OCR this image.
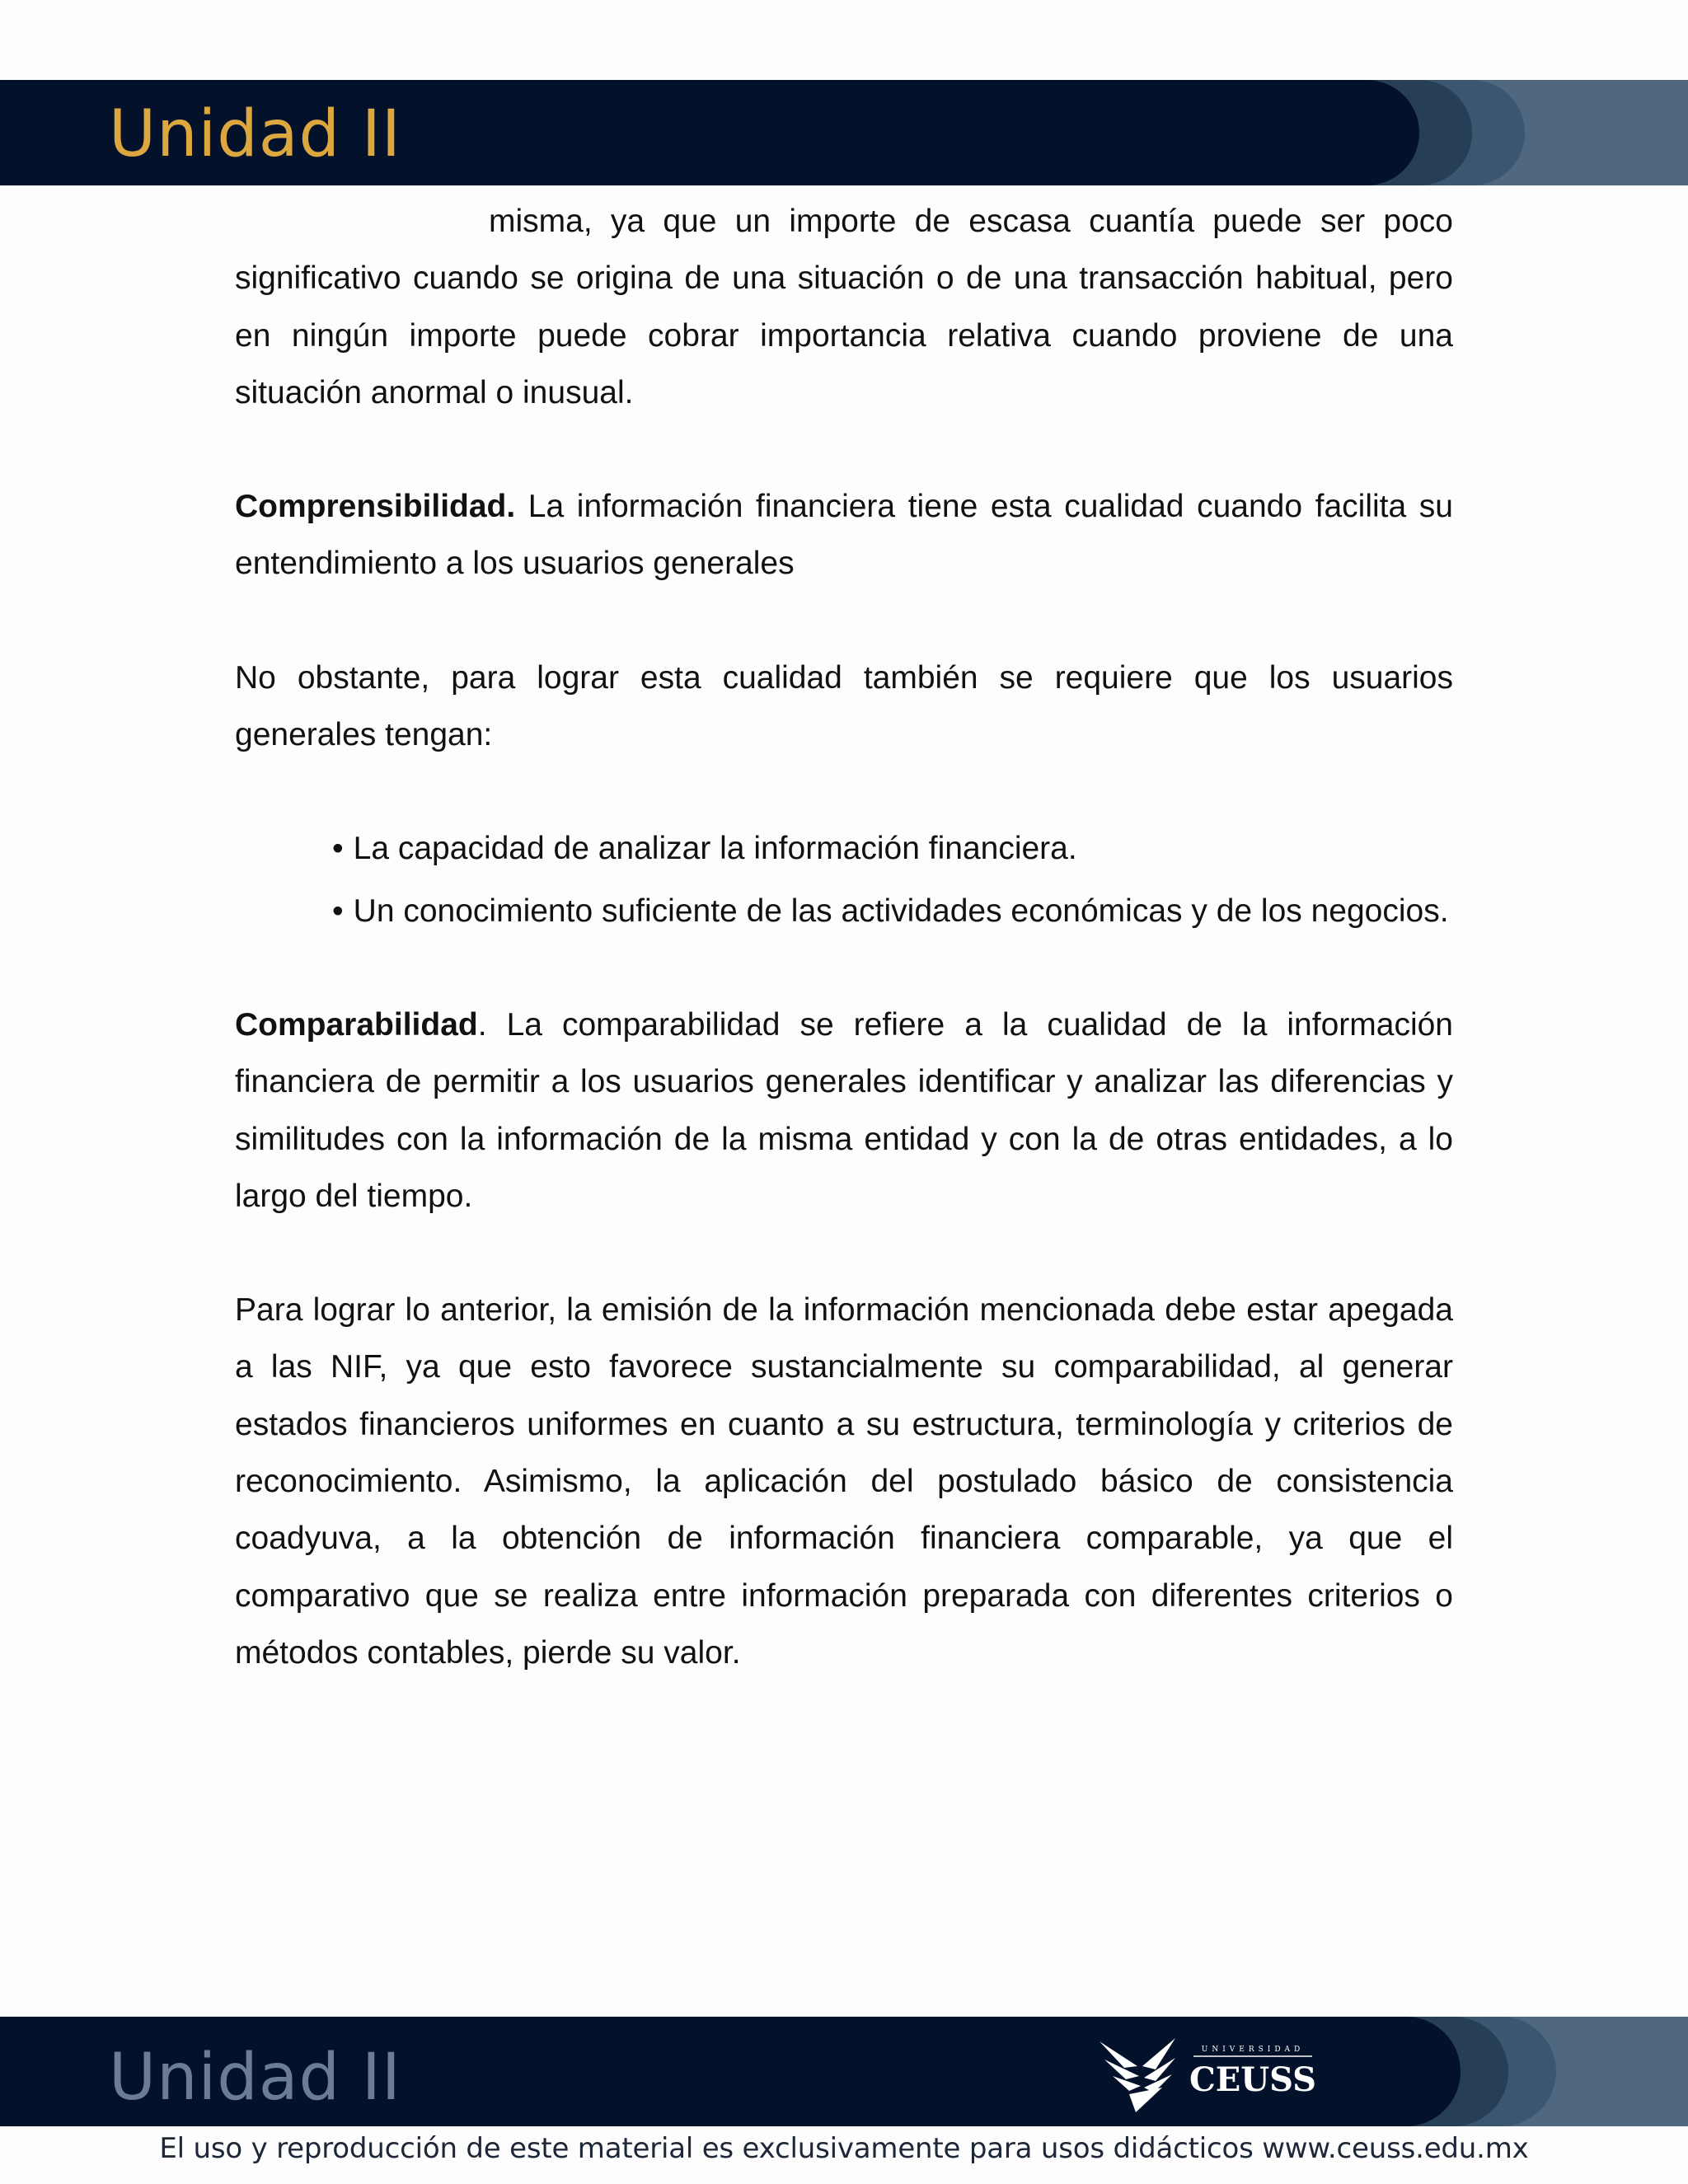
Unidad II

misma, ya que un importe de escasa cuantía puede ser poco significativo cuando se origina de una situación o de una transacción habitual, pero en ningún importe puede cobrar importancia relativa cuando proviene de una situación anormal o inusual.

Comprensibilidad. La información financiera tiene esta cualidad cuando facilita su entendimiento a los usuarios generales

No obstante, para lograr esta cualidad también se requiere que los usuarios generales tengan:

• La capacidad de analizar la información financiera.
• Un conocimiento suficiente de las actividades económicas y de los negocios.

Comparabilidad. La comparabilidad se refiere a la cualidad de la información financiera de permitir a los usuarios generales identificar y analizar las diferencias y similitudes con la información de la misma entidad y con la de otras entidades, a lo largo del tiempo.

Para lograr lo anterior, la emisión de la información mencionada debe estar apegada a las NIF, ya que esto favorece sustancialmente su comparabilidad, al generar estados financieros uniformes en cuanto a su estructura, terminología y criterios de reconocimiento. Asimismo, la aplicación del postulado básico de consistencia coadyuva, a la obtención de información financiera comparable, ya que el comparativo que se realiza entre información preparada con diferentes criterios o métodos contables, pierde su valor.

Unidad II	UNIVERSIDAD
CEUSS
El uso y reproducción de este material es exclusivamente para usos didácticos www.ceuss.edu.mx
